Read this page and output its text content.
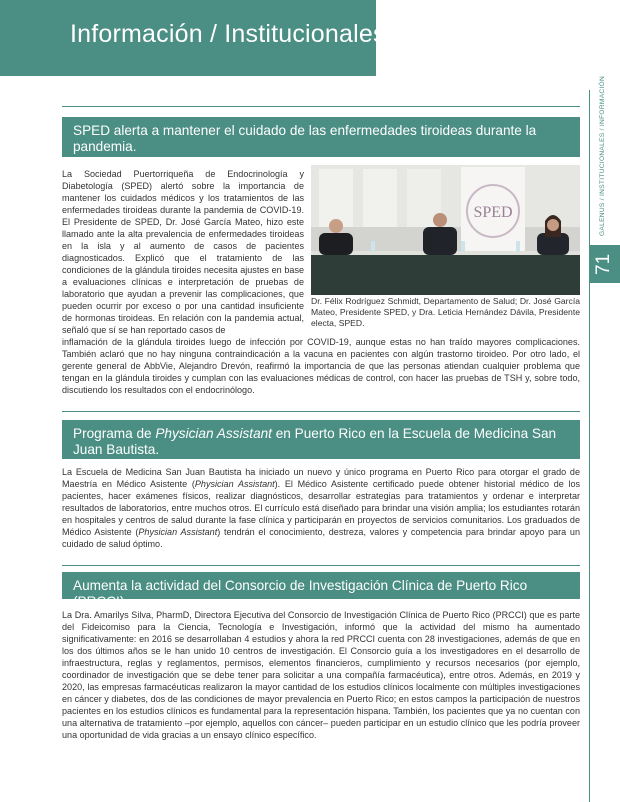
Información / Institucionales
GALENUS / INSTITUCIONALES / INFORMACIÓN
71
SPED alerta a mantener el cuidado de las enfermedades tiroideas durante la pandemia.
La Sociedad Puertorriqueña de Endocrinología y Diabetología (SPED) alertó sobre la importancia de mantener los cuidados médicos y los tratamientos de las enfermedades tiroideas durante la pandemia de COVID-19. El Presidente de SPED, Dr. José García Mateo, hizo este llamado ante la alta prevalencia de enfermedades tiroideas en la isla y al aumento de casos de pacientes diagnosticados. Explicó que el tratamiento de las condiciones de la glándula tiroides necesita ajustes en base a evaluaciones clínicas e interpretación de pruebas de laboratorio que ayudan a prevenir las complicaciones, que pueden ocurrir por exceso o por una cantidad insuficiente de hormonas tiroideas. En relación con la pandemia actual, señaló que sí se han reportado casos de
SPED
Dr. Félix Rodríguez Schmidt, Departamento de Salud; Dr. José García Mateo, Presidente SPED, y Dra. Leticia Hernández Dávila, Presidente electa, SPED.
inflamación de la glándula tiroides luego de infección por COVID-19, aunque estas no han traído mayores complicaciones. También aclaró que no hay ninguna contraindicación a la vacuna en pacientes con algún trastorno tiroideo. Por otro lado, el gerente general de AbbVie, Alejandro Drevón, reafirmó la importancia de que las personas atiendan cualquier problema que tengan en la glándula tiroides y cumplan con las evaluaciones médicas de control, con hacer las pruebas de TSH y, sobre todo, discutiendo los resultados con el endocrinólogo.
Programa de Physician Assistant en Puerto Rico en la Escuela de Medicina San Juan Bautista.
La Escuela de Medicina San Juan Bautista ha iniciado un nuevo y único programa en Puerto Rico para otorgar el grado de Maestría en Médico Asistente (Physician Assistant). El Médico Asistente certificado puede obtener historial médico de los pacientes, hacer exámenes físicos, realizar diagnósticos, desarrollar estrategias para tratamientos y ordenar e interpretar resultados de laboratorios, entre muchos otros. El currículo está diseñado para brindar una visión amplia; los estudiantes rotarán en hospitales y centros de salud durante la fase clínica y participarán en proyectos de servicios comunitarios. Los graduados de Médico Asistente (Physician Assistant) tendrán el conocimiento, destreza, valores y competencia para brindar apoyo para un cuidado de salud óptimo.
Aumenta la actividad del Consorcio de Investigación Clínica de Puerto Rico (PRCCI).
La Dra. Amarilys Silva, PharmD, Directora Ejecutiva del Consorcio de Investigación Clínica de Puerto Rico (PRCCI) que es parte del Fideicomiso para la Ciencia, Tecnología e Investigación, informó que la actividad del mismo ha aumentado significativamente: en 2016 se desarrollaban 4 estudios y ahora la red PRCCI cuenta con 28 investigaciones, además de que en los dos últimos años se le han unido 10 centros de investigación. El Consorcio guía a los investigadores en el desarrollo de infraestructura, reglas y reglamentos, permisos, elementos financieros, cumplimiento y recursos necesarios (por ejemplo, coordinador de investigación que se debe tener para solicitar a una compañía farmacéutica), entre otros. Además, en 2019 y 2020, las empresas farmacéuticas realizaron la mayor cantidad de los estudios clínicos localmente con múltiples investigaciones en cáncer y diabetes, dos de las condiciones de mayor prevalencia en Puerto Rico; en estos campos la participación de nuestros pacientes en los estudios clínicos es fundamental para la representación hispana. También, los pacientes que ya no cuentan con una alternativa de tratamiento –por ejemplo, aquellos con cáncer– pueden participar en un estudio clínico que les podría proveer una oportunidad de vida gracias a un ensayo clínico específico.
